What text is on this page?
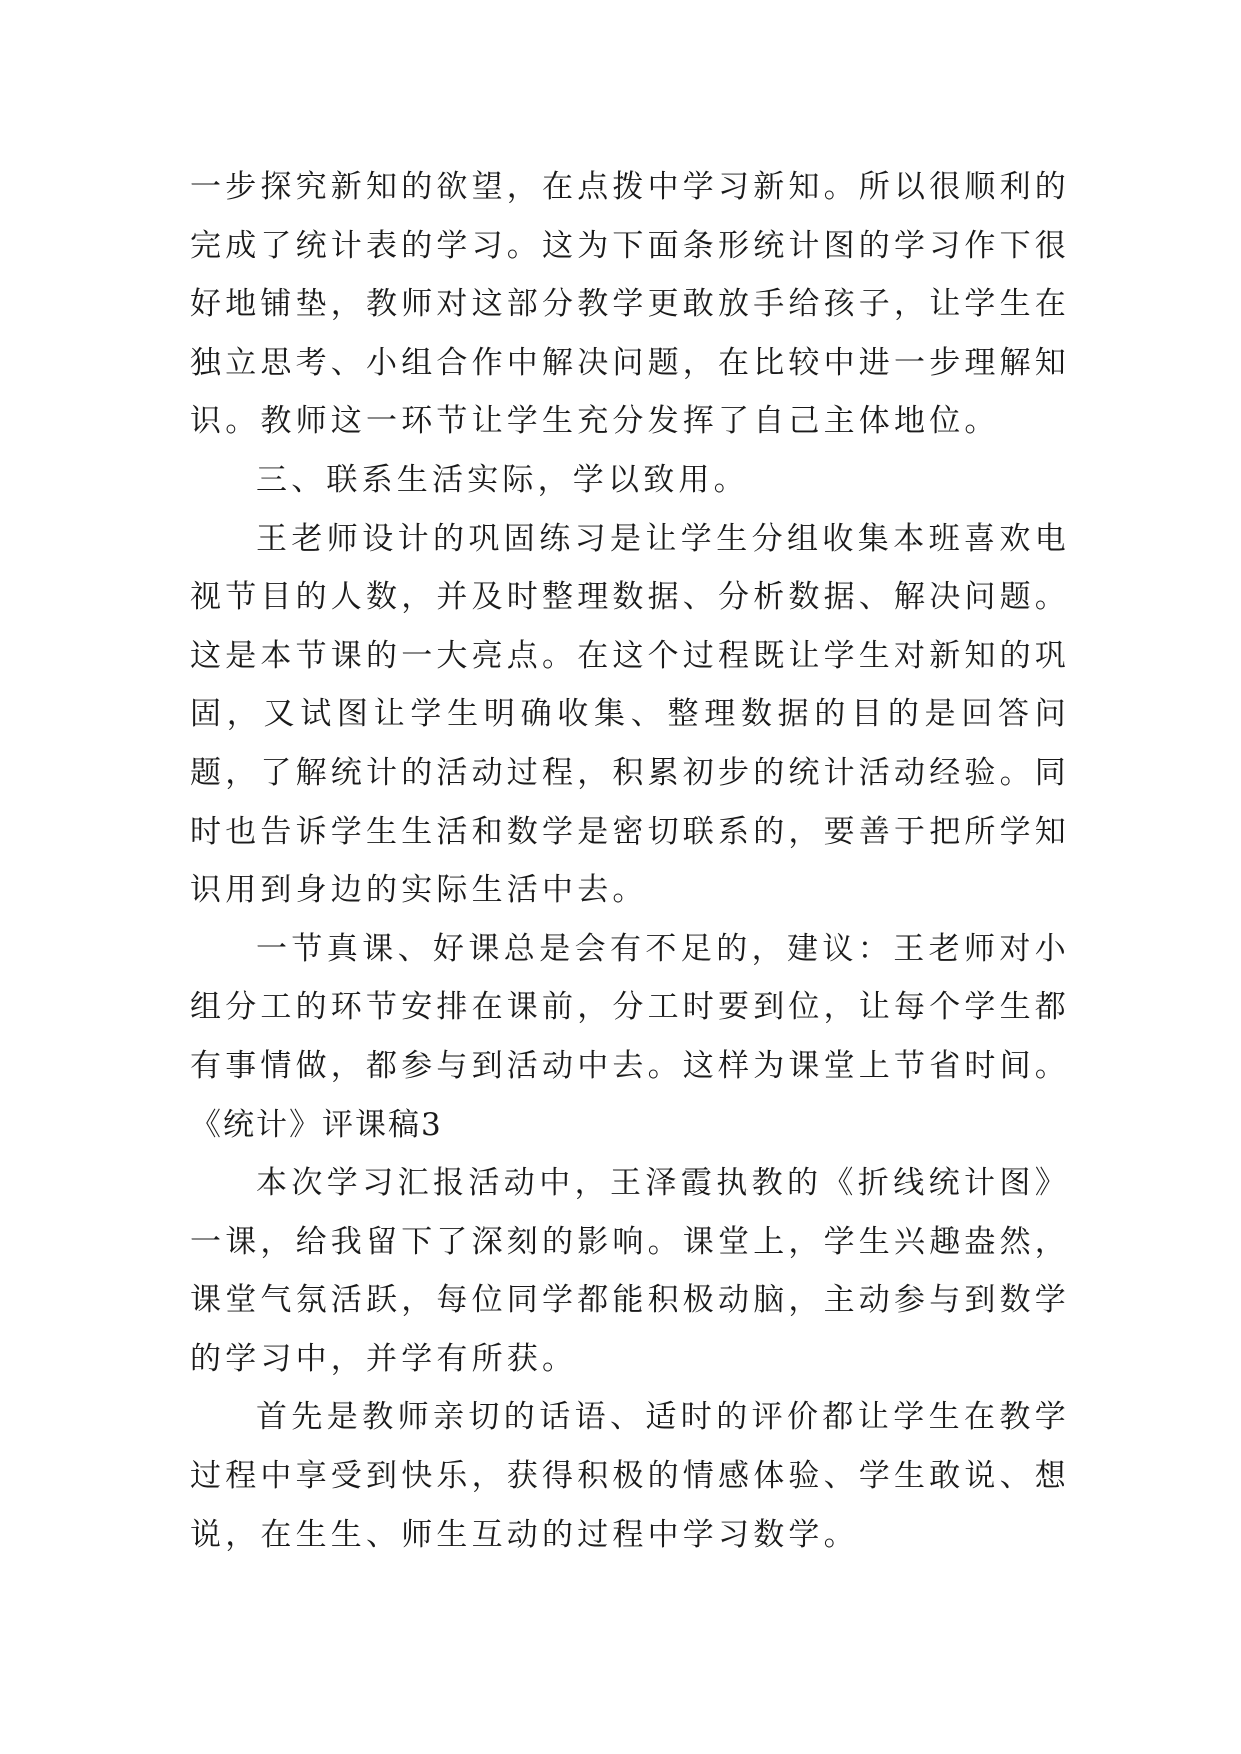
一步探究新知的欲望，在点拨中学习新知。所以很顺利的完成了统计表的学习。这为下面条形统计图的学习作下很好地铺垫，教师对这部分教学更敢放手给孩子，让学生在独立思考、小组合作中解决问题，在比较中进一步理解知识。教师这一环节让学生充分发挥了自己主体地位。

三、联系生活实际，学以致用。

王老师设计的巩固练习是让学生分组收集本班喜欢电视节目的人数，并及时整理数据、分析数据、解决问题。这是本节课的一大亮点。在这个过程既让学生对新知的巩固，又试图让学生明确收集、整理数据的目的是回答问题，了解统计的活动过程，积累初步的统计活动经验。同时也告诉学生生活和数学是密切联系的，要善于把所学知识用到身边的实际生活中去。

一节真课、好课总是会有不足的，建议：王老师对小组分工的环节安排在课前，分工时要到位，让每个学生都有事情做，都参与到活动中去。这样为课堂上节省时间。

《统计》评课稿3

本次学习汇报活动中，王泽霞执教的《折线统计图》一课，给我留下了深刻的影响。课堂上，学生兴趣盎然，课堂气氛活跃，每位同学都能积极动脑，主动参与到数学的学习中，并学有所获。

首先是教师亲切的话语、适时的评价都让学生在教学过程中享受到快乐，获得积极的情感体验、学生敢说、想说，在生生、师生互动的过程中学习数学。
